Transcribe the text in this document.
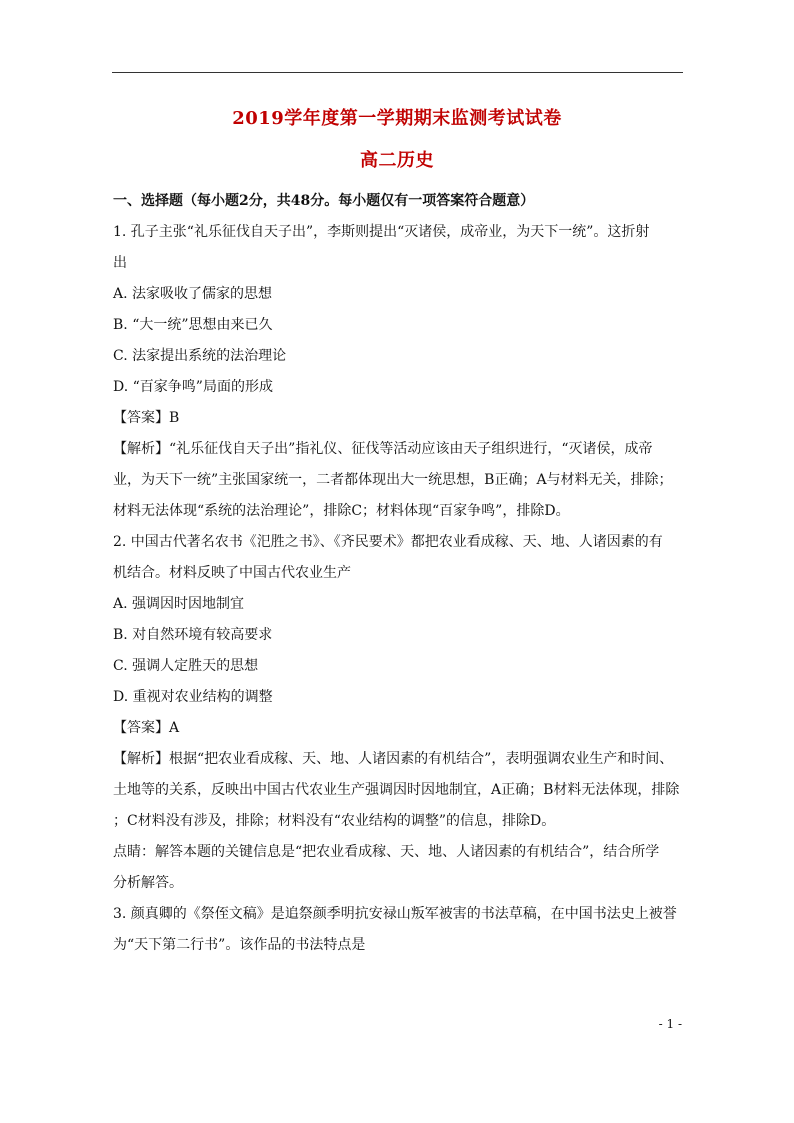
2019学年度第一学期期末监测考试试卷
高二历史

一、选择题（每小题2分，共48分。每小题仅有一项答案符合题意）

1. 孔子主张“礼乐征伐自天子出”，李斯则提出“灭诸侯，成帝业，为天下一统”。这折射

出

A. 法家吸收了儒家的思想

B. “大一统”思想由来已久

C. 法家提出系统的法治理论

D. “百家争鸣”局面的形成

【答案】B

【解析】“礼乐征伐自天子出”指礼仪、征伐等活动应该由天子组织进行，“灭诸侯，成帝

业，为天下一统”主张国家统一，二者都体现出大一统思想，B正确；A与材料无关，排除；

材料无法体现“系统的法治理论”，排除C；材料体现“百家争鸣”，排除D。

2. 中国古代著名农书《汜胜之书》、《齐民要术》都把农业看成稼、天、地、人诸因素的有

机结合。材料反映了中国古代农业生产

A. 强调因时因地制宜

B. 对自然环境有较高要求

C. 强调人定胜天的思想

D. 重视对农业结构的调整

【答案】A

【解析】根据“把农业看成稼、天、地、人诸因素的有机结合”，表明强调农业生产和时间、

土地等的关系，反映出中国古代农业生产强调因时因地制宜，A正确；B材料无法体现，排除

；C材料没有涉及，排除；材料没有“农业结构的调整”的信息，排除D。

点睛：解答本题的关键信息是“把农业看成稼、天、地、人诸因素的有机结合”，结合所学

分析解答。

3. 颜真卿的《祭侄文稿》是追祭颜季明抗安禄山叛军被害的书法草稿，在中国书法史上被誉

为“天下第二行书”。该作品的书法特点是

- 1 -
